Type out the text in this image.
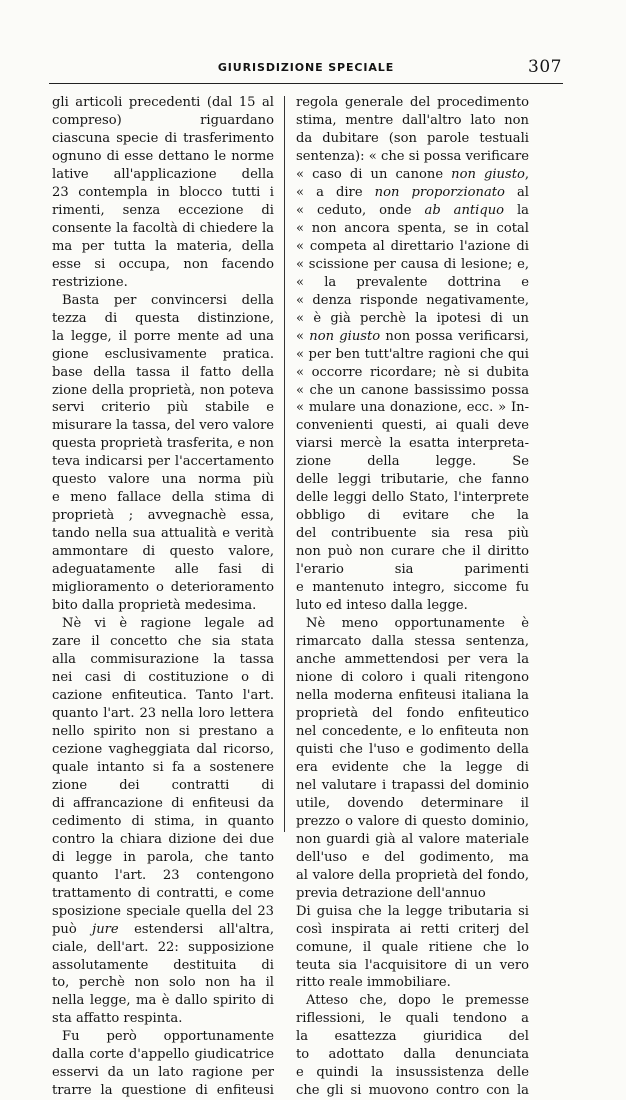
GIURISDIZIONE SPECIALE	307
gli articoli precedenti (dal 15 al
compreso) riguardano
ciascuna specie di trasferimento
ognuno di esse dettano le norme
lative all'applicazione della
23 contempla in blocco tutti i
rimenti, senza eccezione di
consente la facoltà di chiedere la
ma per tutta la materia, della
esse si occupa, non facendo
restrizione.
Basta per convincersi della
tezza di questa distinzione,
la legge, il porre mente ad una
gione esclusivamente pratica.
base della tassa il fatto della
zione della proprietà, non poteva
servi criterio più stabile e
misurare la tassa, del vero valore
questa proprietà trasferita, e non
teva indicarsi per l'accertamento
questo valore una norma più
e meno fallace della stima di
proprietà ; avvegnachè essa,
tando nella sua attualità e verità
ammontare di questo valore,
adeguatamente alle fasi di
miglioramento o deterioramento
bito dalla proprietà medesima.
Nè vi è ragione legale ad
zare il concetto che sia stata
alla commisurazione la tassa
nei casi di costituzione o di
cazione enfiteutica. Tanto l'art.
quanto l'art. 23 nella loro lettera
nello spirito non si prestano a
cezione vagheggiata dal ricorso,
quale intanto si fa a sostenere
zione dei contratti di
di affrancazione di enfiteusi da
cedimento di stima, in quanto
contro la chiara dizione dei due
di legge in parola, che tanto
quanto l'art. 23 contengono
trattamento di contratti, e come
sposizione speciale quella del 23
può jure estendersi all'altra,
ciale, dell'art. 22: supposizione
assolutamente destituita di
to, perchè non solo non ha il
nella legge, ma è dallo spirito di
sta affatto respinta.
Fu però opportunamente
dalla corte d'appello giudicatrice
esservi da un lato ragione per
trarre la questione di enfiteusi
regola generale del procedimento
stima, mentre dall'altro lato non
da dubitare (son parole testuali
sentenza): « che si possa verificare
« caso di un canone non giusto,
« a dire non proporzionato al
« ceduto, onde ab antiquo la
« non ancora spenta, se in cotal
« competa al direttario l'azione di
« scissione per causa di lesione; e,
« la prevalente dottrina e
« denza risponde negativamente,
« è già perchè la ipotesi di un
« non giusto non possa verificarsi,
« per ben tutt'altre ragioni che qui
« occorre ricordare; nè si dubita
« che un canone bassissimo possa
« mulare una donazione, ecc. » In-
convenienti questi, ai quali deve
viarsi mercè la esatta interpreta-
zione della legge. Se
delle leggi tributarie, che fanno
delle leggi dello Stato, l'interprete
obbligo di evitare che la
del contribuente sia resa più
non può non curare che il diritto
l'erario sia parimenti
e mantenuto integro, siccome fu
luto ed inteso dalla legge.
Nè meno opportunamente è
rimarcato dalla stessa sentenza,
anche ammettendosi per vera la
nione di coloro i quali ritengono
nella moderna enfiteusi italiana la
proprietà del fondo enfiteutico
nel concedente, e lo enfiteuta non
quisti che l'uso e godimento della
era evidente che la legge di
nel valutare i trapassi del dominio
utile, dovendo determinare il
prezzo o valore di questo dominio,
non guardi già al valore materiale
dell'uso e del godimento, ma
al valore della proprietà del fondo,
previa detrazione dell'annuo
Di guisa che la legge tributaria si
così inspirata ai retti criterj del
comune, il quale ritiene che lo
teuta sia l'acquisitore di un vero
ritto reale immobiliare.
Atteso che, dopo le premesse
riflessioni, le quali tendono a
la esattezza giuridica del
to adottato dalla denunciata
e quindi la insussistenza delle
che gli si muovono contro con la
